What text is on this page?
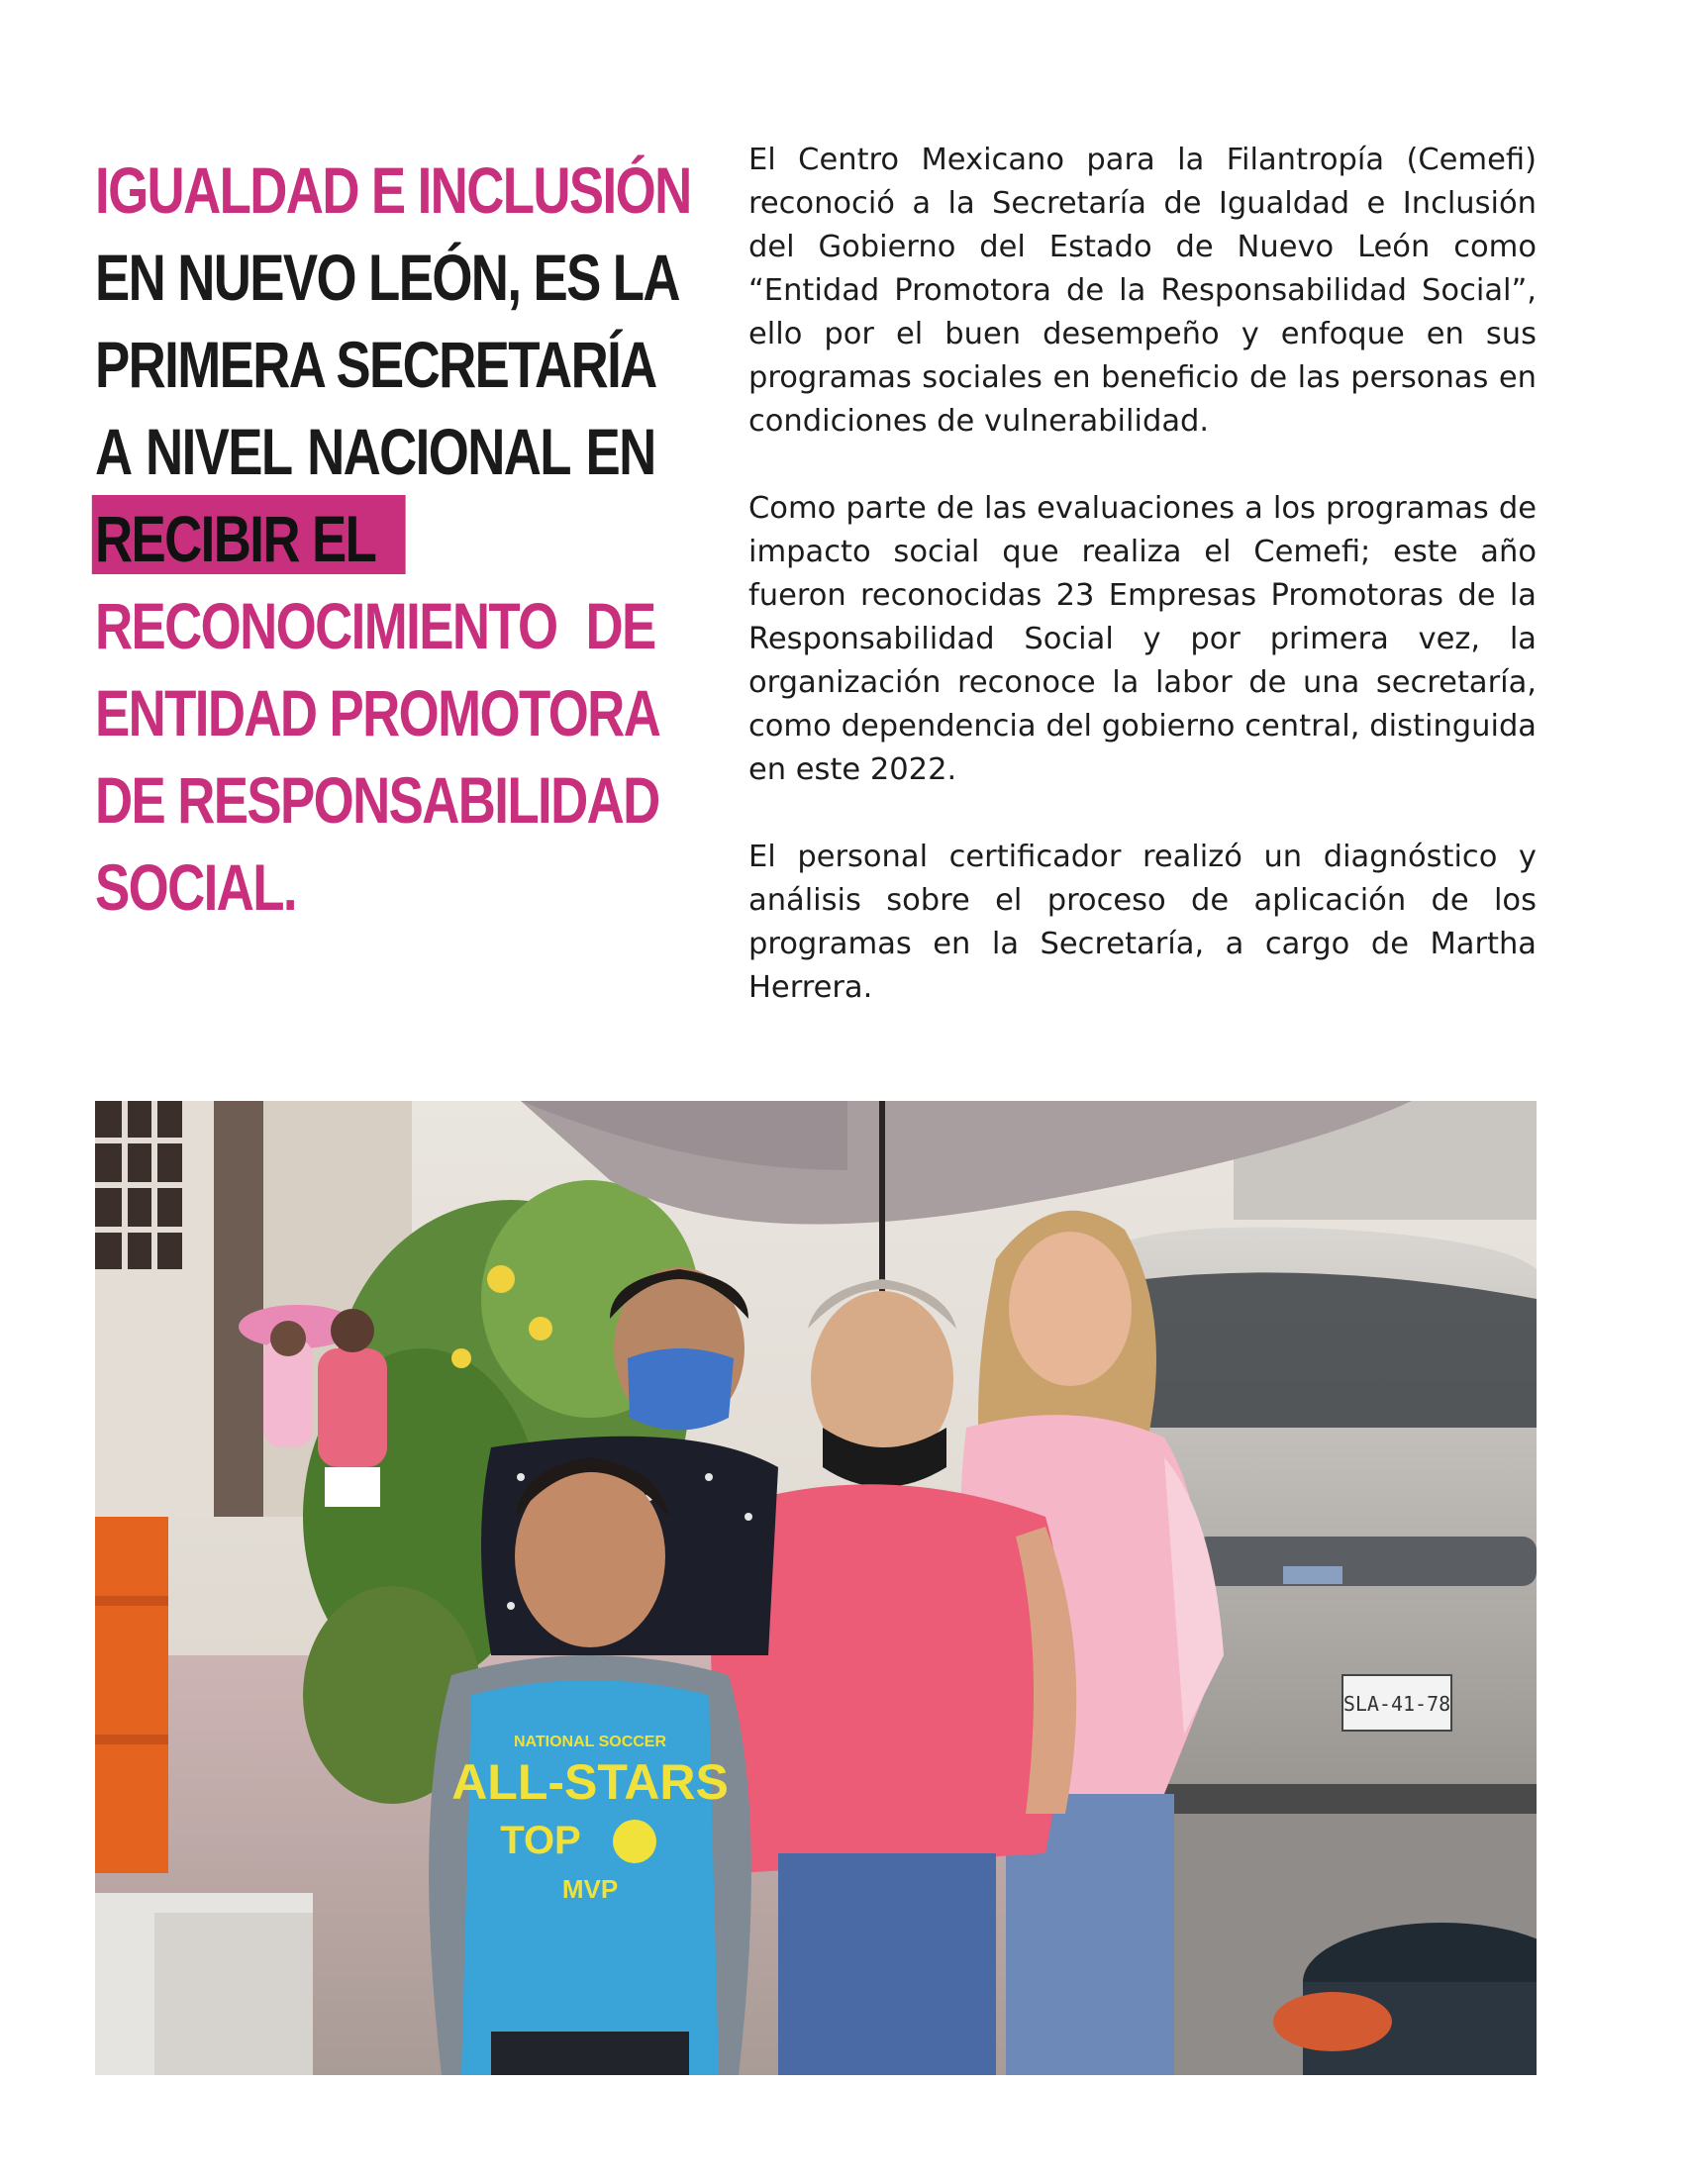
IGUALDAD E INCLUSIÓN
EN NUEVO LEÓN, ES LA
PRIMERA SECRETARÍA
A NIVEL NACIONAL EN
RECIBIR EL
RECONOCIMIENTO DE
ENTIDAD PROMOTORA
DE RESPONSABILIDAD
SOCIAL.

El Centro Mexicano para la Filantropía (Cemefi) reconoció a la Secretaría de Igualdad e Inclusión del Gobierno del Estado de Nuevo León como “Entidad Promotora de la Responsabilidad Social”, ello por el buen desempeño y enfoque en sus programas sociales en beneficio de las personas en condiciones de vulnerabilidad.

Como parte de las evaluaciones a los programas de impacto social que realiza el Cemefi; este año fueron reconocidas 23 Empresas Promotoras de la Responsabilidad Social y por primera vez, la organización reconoce la labor de una secretaría, como dependencia del gobierno central, distinguida en este 2022.

El personal certificador realizó un diagnóstico y análisis sobre el proceso de aplicación de los programas en la Secretaría, a cargo de Martha Herrera.

SLA-41-78
NATIONAL SOCCER
ALL-STARS
TOP
MVP
